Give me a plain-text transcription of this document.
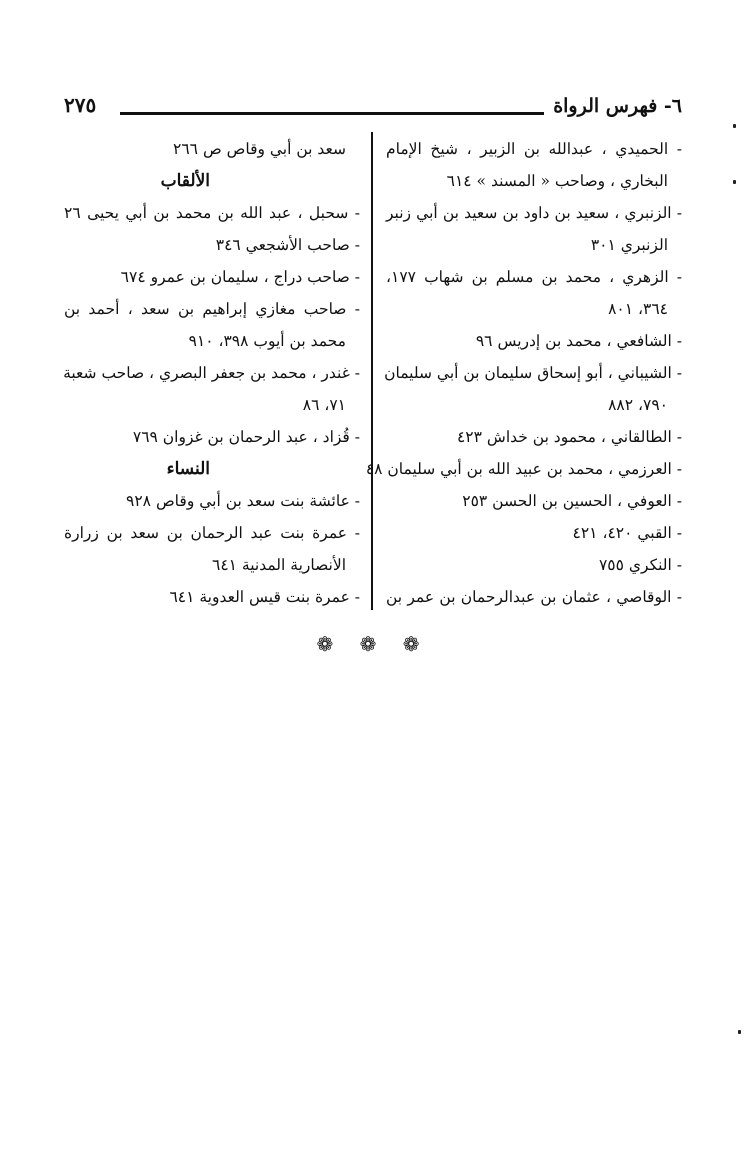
٦- فهرس الرواة
٢٧٥
- الحميدي ، عبدالله بن الزبير ، شيخ الإمام
البخاري ، وصاحب « المسند » ٦١٤
- الزنبري ، سعيد بن داود بن سعيد بن أبي زنبر
الزنبري ٣٠١
- الزهري ، محمد بن مسلم بن شهاب ١٧٧،
٣٦٤، ٨٠١
- الشافعي ، محمد بن إدريس ٩٦
- الشيباني ، أبو إسحاق سليمان بن أبي سليمان
٧٩٠، ٨٨٢
- الطالقاني ، محمود بن خداش ٤٢٣
- العرزمي ، محمد بن عبيد الله بن أبي سليمان ٤٨
- العوفي ، الحسين بن الحسن ٢٥٣
- القبي ٤٢٠، ٤٢١
- النكري ٧٥٥
- الوقاصي ، عثمان بن عبدالرحمان بن عمر بن
سعد بن أبي وقاص ص ٢٦٦
الألقاب
- سحبل ، عبد الله بن محمد بن أبي يحيى ٢٦
- صاحب الأشجعي ٣٤٦
- صاحب دراج ، سليمان بن عمرو ٦٧٤
- صاحب مغازي إبراهيم بن سعد ، أحمد بن
محمد بن أيوب ٣٩٨، ٩١٠
- غندر ، محمد بن جعفر البصري ، صاحب شعبة
٧١، ٨٦
- قُزاد ، عبد الرحمان بن غزوان ٧٦٩
النساء
- عائشة بنت سعد بن أبي وقاص ٩٢٨
- عمرة بنت عبد الرحمان بن سعد بن زرارة
الأنصارية المدنية ٦٤١
- عمرة بنت قيس العدوية ٦٤١
❁ ❁ ❁
